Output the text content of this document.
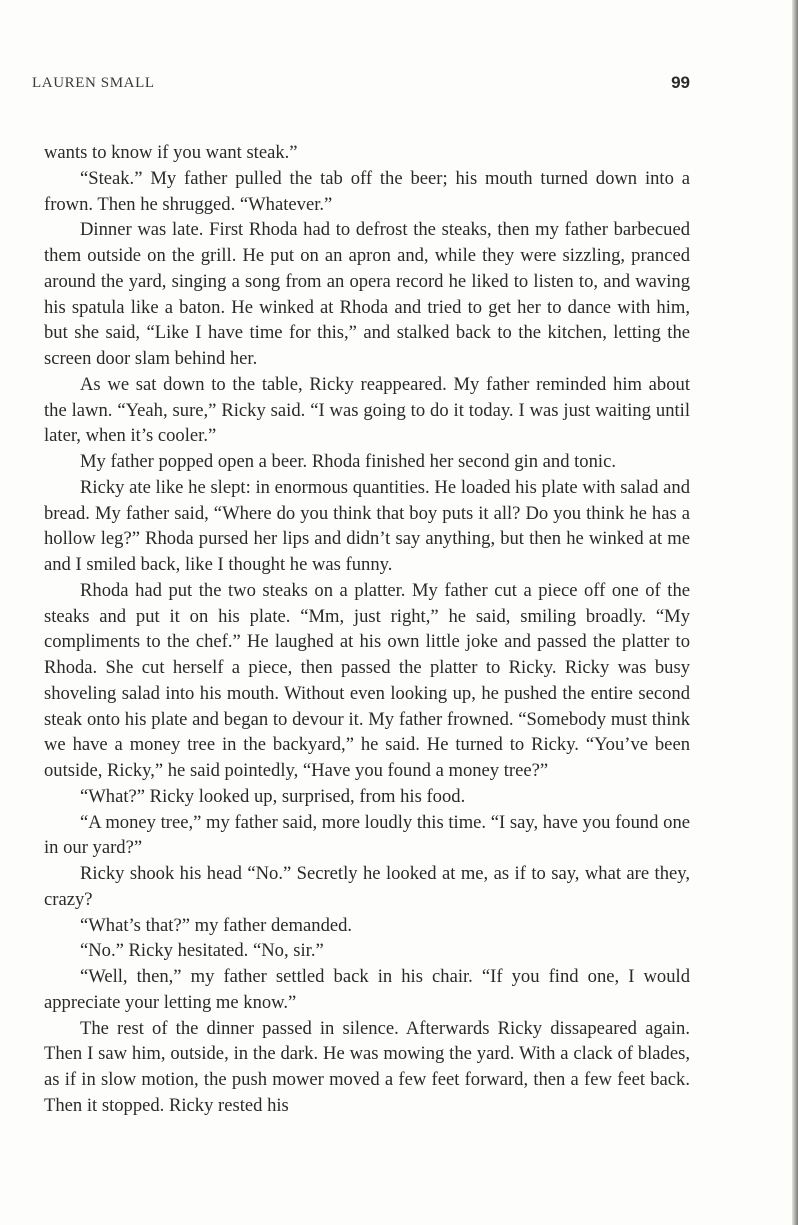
LAUREN SMALL	99

wants to know if you want steak.”

“Steak.” My father pulled the tab off the beer; his mouth turned down into a frown. Then he shrugged. “Whatever.”

Dinner was late. First Rhoda had to defrost the steaks, then my father barbecued them outside on the grill. He put on an apron and, while they were sizzling, pranced around the yard, singing a song from an opera record he liked to listen to, and waving his spatula like a baton. He winked at Rhoda and tried to get her to dance with him, but she said, “Like I have time for this,” and stalked back to the kitchen, letting the screen door slam behind her.

As we sat down to the table, Ricky reappeared. My father reminded him about the lawn. “Yeah, sure,” Ricky said. “I was going to do it today. I was just waiting until later, when it’s cooler.”

My father popped open a beer. Rhoda finished her second gin and tonic.

Ricky ate like he slept: in enormous quantities. He loaded his plate with salad and bread. My father said, “Where do you think that boy puts it all? Do you think he has a hollow leg?” Rhoda pursed her lips and didn’t say anything, but then he winked at me and I smiled back, like I thought he was funny.

Rhoda had put the two steaks on a platter. My father cut a piece off one of the steaks and put it on his plate. “Mm, just right,” he said, smiling broadly. “My compliments to the chef.” He laughed at his own little joke and passed the platter to Rhoda. She cut herself a piece, then passed the platter to Ricky. Ricky was busy shoveling salad into his mouth. Without even looking up, he pushed the entire second steak onto his plate and began to devour it. My father frowned. “Somebody must think we have a money tree in the backyard,” he said. He turned to Ricky. “You’ve been outside, Ricky,” he said pointedly, “Have you found a money tree?”

“What?” Ricky looked up, surprised, from his food.

“A money tree,” my father said, more loudly this time. “I say, have you found one in our yard?”

Ricky shook his head “No.” Secretly he looked at me, as if to say, what are they, crazy?

“What’s that?” my father demanded.

“No.” Ricky hesitated. “No, sir.”

“Well, then,” my father settled back in his chair. “If you find one, I would appreciate your letting me know.”

The rest of the dinner passed in silence. Afterwards Ricky dissapeared again. Then I saw him, outside, in the dark. He was mowing the yard. With a clack of blades, as if in slow motion, the push mower moved a few feet forward, then a few feet back. Then it stopped. Ricky rested his
